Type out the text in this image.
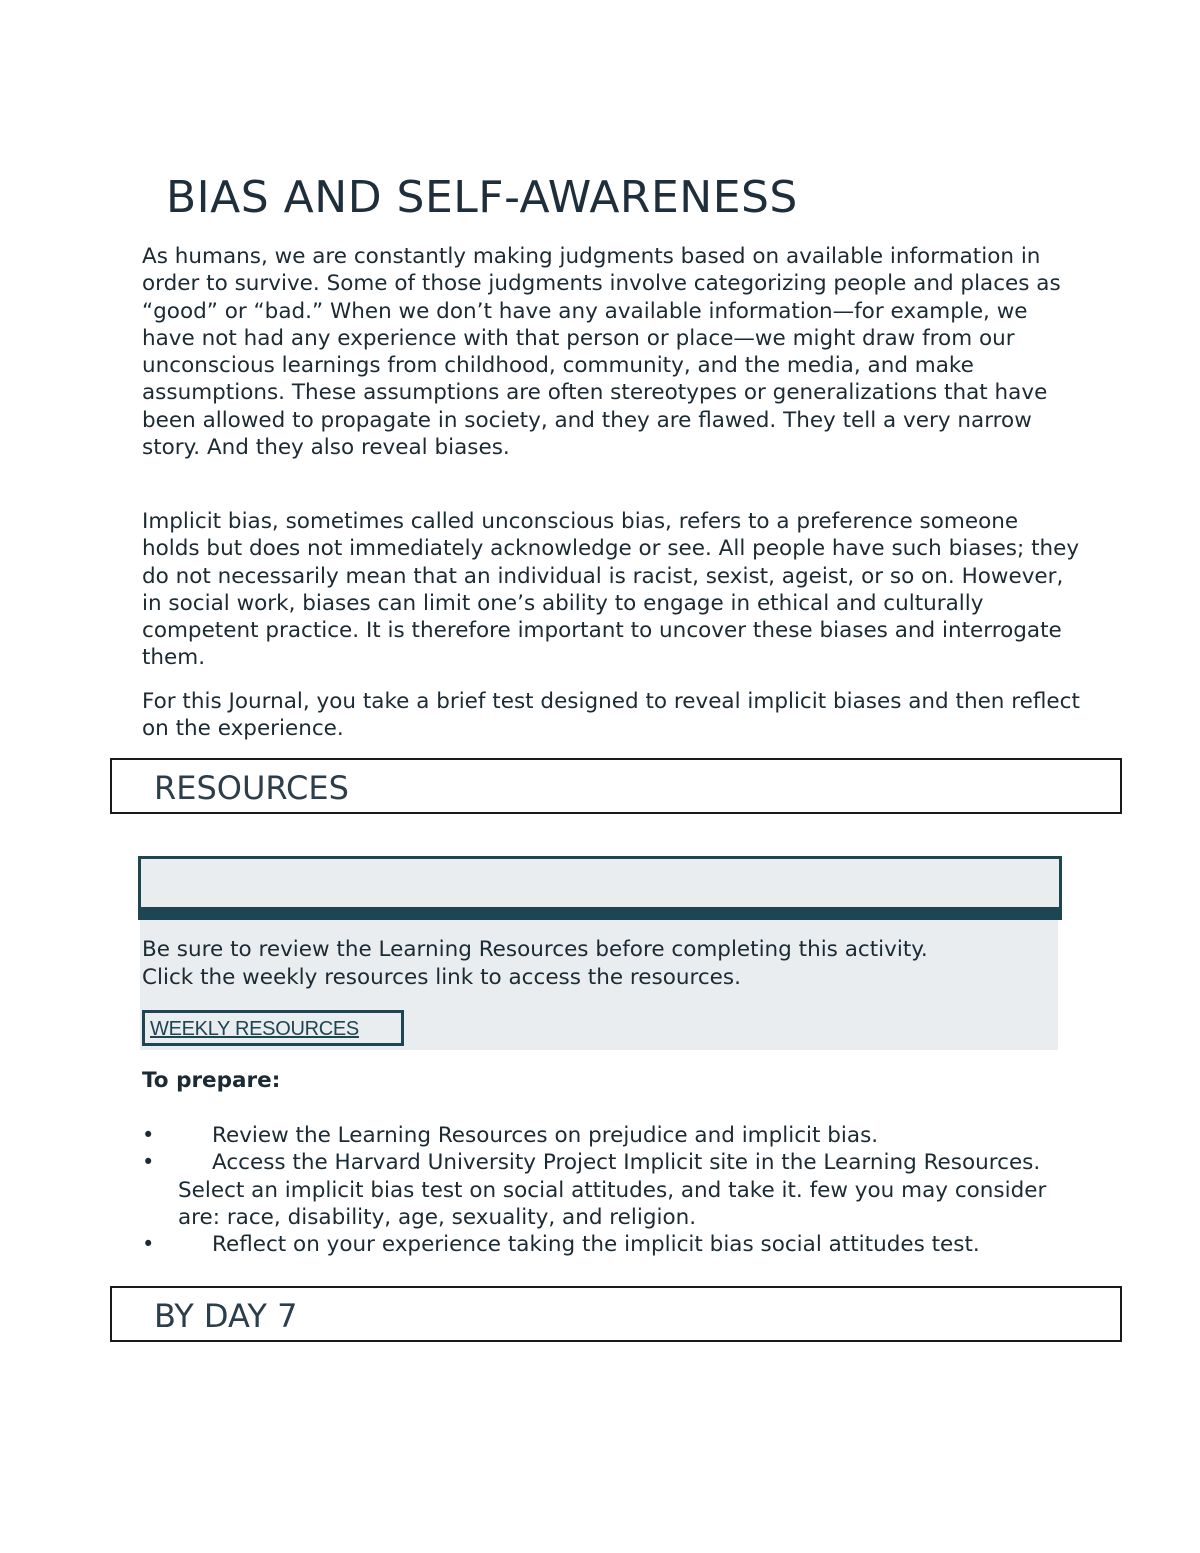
BIAS AND SELF-AWARENESS

As humans, we are constantly making judgments based on available information in order to survive. Some of those judgments involve categorizing people and places as “good” or “bad.” When we don’t have any available information—for example, we have not had any experience with that person or place—we might draw from our unconscious learnings from childhood, community, and the media, and make assumptions. These assumptions are often stereotypes or generalizations that have been allowed to propagate in society, and they are flawed. They tell a very narrow story. And they also reveal biases.

Implicit bias, sometimes called unconscious bias, refers to a preference someone holds but does not immediately acknowledge or see. All people have such biases; they do not necessarily mean that an individual is racist, sexist, ageist, or so on. However, in social work, biases can limit one’s ability to engage in ethical and culturally competent practice. It is therefore important to uncover these biases and interrogate them.

For this Journal, you take a brief test designed to reveal implicit biases and then reflect on the experience.

RESOURCES

Be sure to review the Learning Resources before completing this activity.
Click the weekly resources link to access the resources.

WEEKLY RESOURCES

To prepare:

•	Review the Learning Resources on prejudice and implicit bias.
•	Access the Harvard University Project Implicit site in the Learning Resources. Select an implicit bias test on social attitudes, and take it. few you may consider are: race, disability, age, sexuality, and religion.
•	Reflect on your experience taking the implicit bias social attitudes test.
BY DAY 7
